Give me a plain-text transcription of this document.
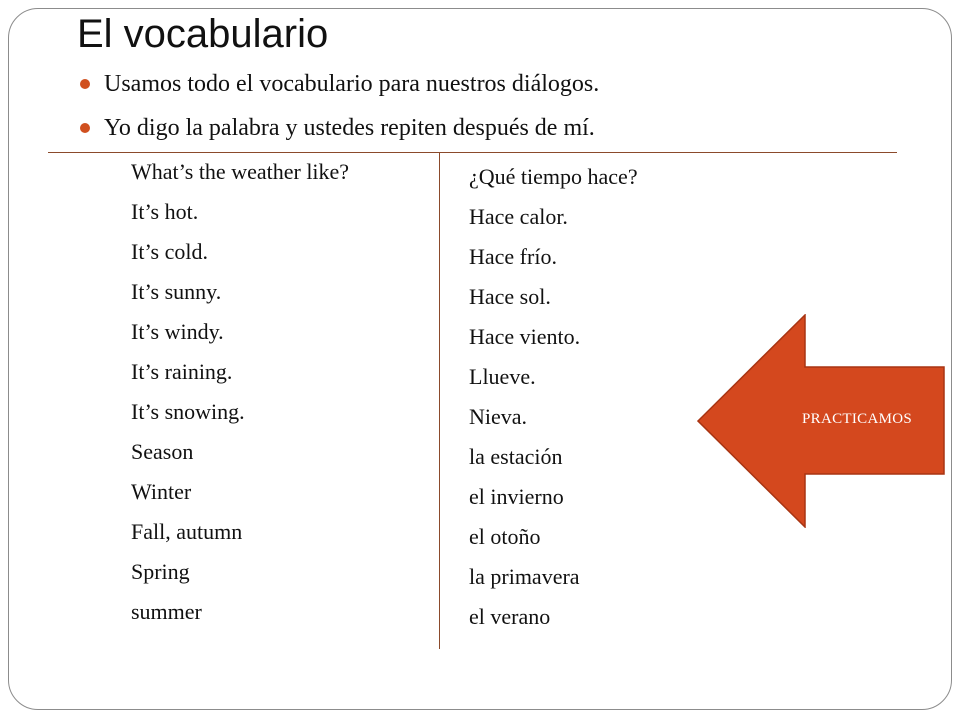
El vocabulario
Usamos todo el vocabulario para nuestros diálogos.
Yo digo la palabra y ustedes repiten después de mí.
What’s the weather like?
It’s hot.
It’s cold.
It’s sunny.
It’s windy.
It’s raining.
It’s snowing.
Season
Winter
Fall, autumn
Spring
summer
¿Qué tiempo hace?
Hace calor.
Hace frío.
Hace sol.
Hace viento.
Llueve.
Nieva.
la estación
el invierno
el otoño
la primavera
el verano
PRACTICAMOS
